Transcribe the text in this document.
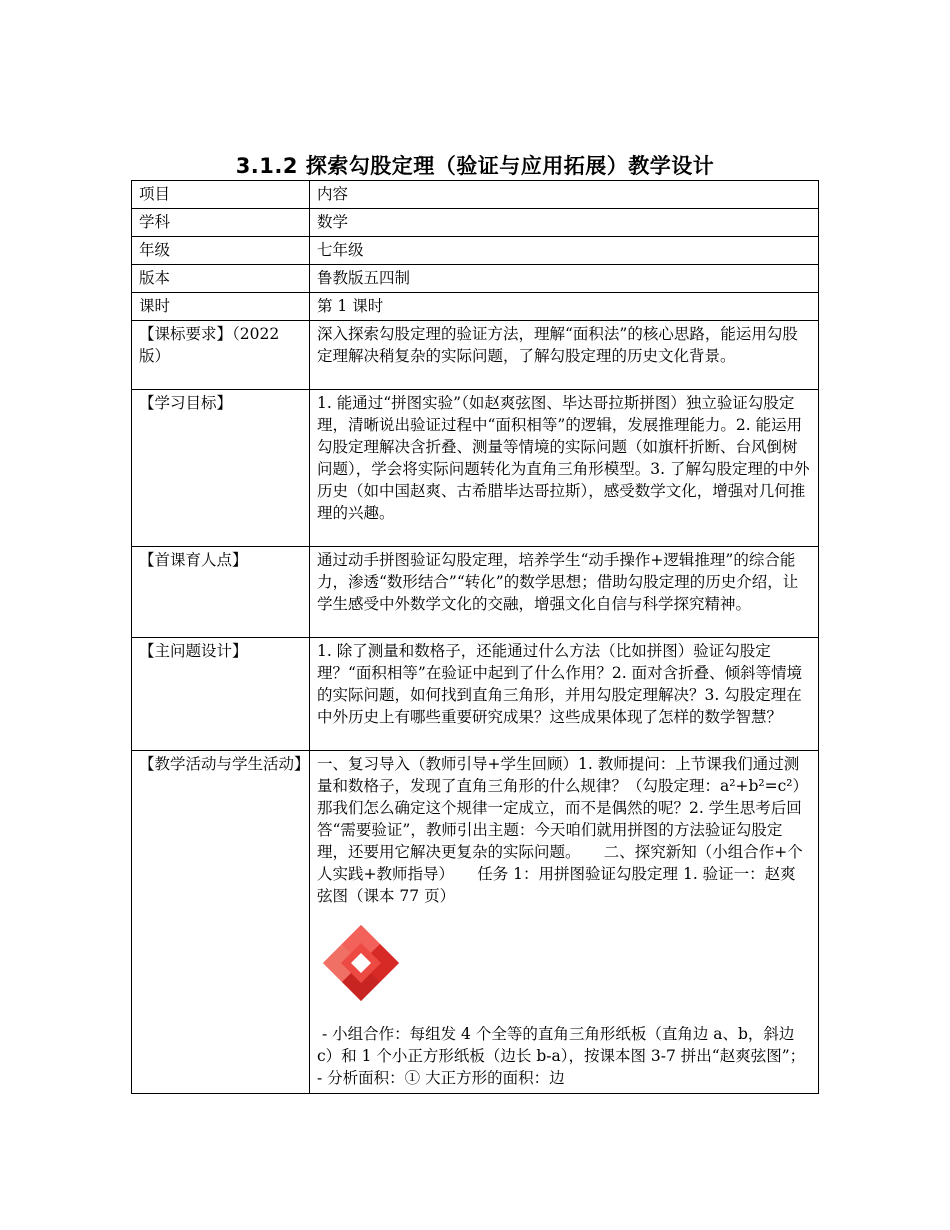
3.1.2 探索勾股定理（验证与应用拓展）教学设计
项目	内容
学科	数学
年级	七年级
版本	鲁教版五四制
课时	第 1 课时
【课标要求】（2022 版）	深入探索勾股定理的验证方法，理解“面积法”的核心思路，能运用勾股定理解决稍复杂的实际问题，了解勾股定理的历史文化背景。
【学习目标】	1. 能通过“拼图实验”（如赵爽弦图、毕达哥拉斯拼图）独立验证勾股定理，清晰说出验证过程中“面积相等”的逻辑，发展推理能力。2. 能运用勾股定理解决含折叠、测量等情境的实际问题（如旗杆折断、台风倒树问题），学会将实际问题转化为直角三角形模型。3. 了解勾股定理的中外历史（如中国赵爽、古希腊毕达哥拉斯），感受数学文化，增强对几何推理的兴趣。
【首课育人点】	通过动手拼图验证勾股定理，培养学生“动手操作+逻辑推理”的综合能力，渗透“数形结合”“转化”的数学思想；借助勾股定理的历史介绍，让学生感受中外数学文化的交融，增强文化自信与科学探究精神。
【主问题设计】	1. 除了测量和数格子，还能通过什么方法（比如拼图）验证勾股定理？“面积相等”在验证中起到了什么作用？2. 面对含折叠、倾斜等情境的实际问题，如何找到直角三角形，并用勾股定理解决？3. 勾股定理在中外历史上有哪些重要研究成果？这些成果体现了怎样的数学智慧？
【教学活动与学生活动】	一、复习导入（教师引导+学生回顾）1. 教师提问：上节课我们通过测量和数格子，发现了直角三角形的什么规律？（勾股定理：a²+b²=c²）那我们怎么确定这个规律一定成立，而不是偶然的呢？2. 学生思考后回答“需要验证”，教师引出主题：今天咱们就用拼图的方法验证勾股定理，还要用它解决更复杂的实际问题。　　二、探究新知（小组合作+个人实践+教师指导）　　任务 1：用拼图验证勾股定理 1. 验证一：赵爽弦图（课本 77 页）
- 小组合作：每组发 4 个全等的直角三角形纸板（直角边 a、b，斜边 c）和 1 个小正方形纸板（边长 b-a），按课本图 3-7 拼出“赵爽弦图”；  - 分析面积：① 大正方形的面积：边
